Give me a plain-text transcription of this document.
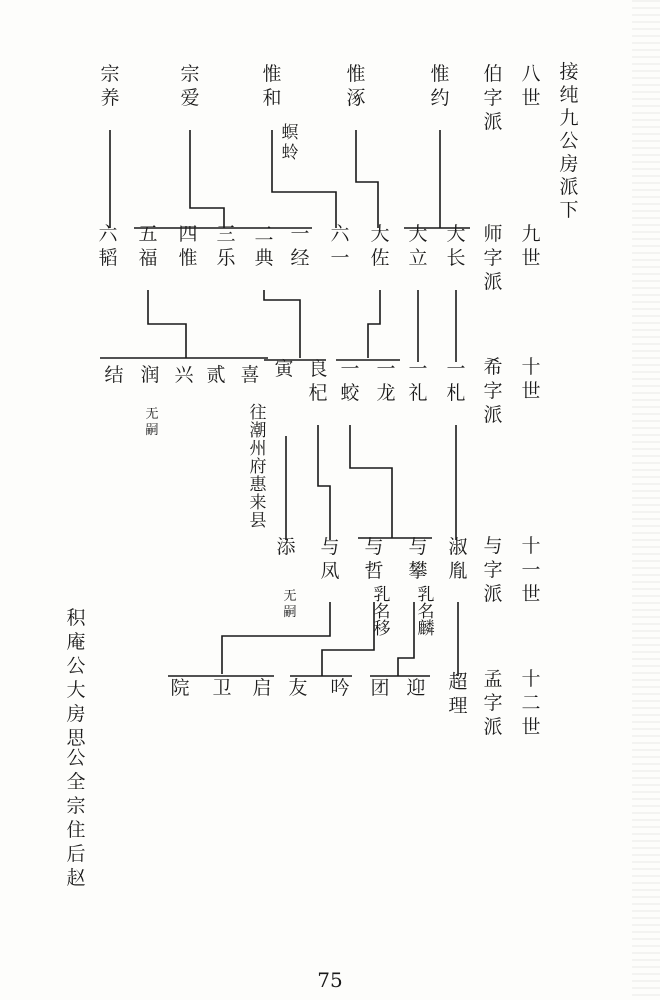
八
世
九
世
十
世
十
一
世
十
二
世
伯
字
派
师
字
派
希
字
派
与
字
派
孟
字
派
接
纯
九
公
房
派
下
积
庵
公
大
房
思
公
全
宗
住
后
赵
惟
约
惟
涿
惟
和
宗
爱
宗
养
大
长
大
立
大
佐
六
一
一
经
二
典
三
乐
四
惟
五
福
六
韬
一
札
一
礼
一
龙
一
蛟
良
杞
寅
喜
贰
兴
润
结
淑
胤
与
攀
与
哲
与
凤
添
超
理
迎
团
吟
友
启
卫
院
螟
蛉
无
嗣
往
潮
州
府
惠
来
县
无
嗣
乳
名
移
乳
名
麟
75
